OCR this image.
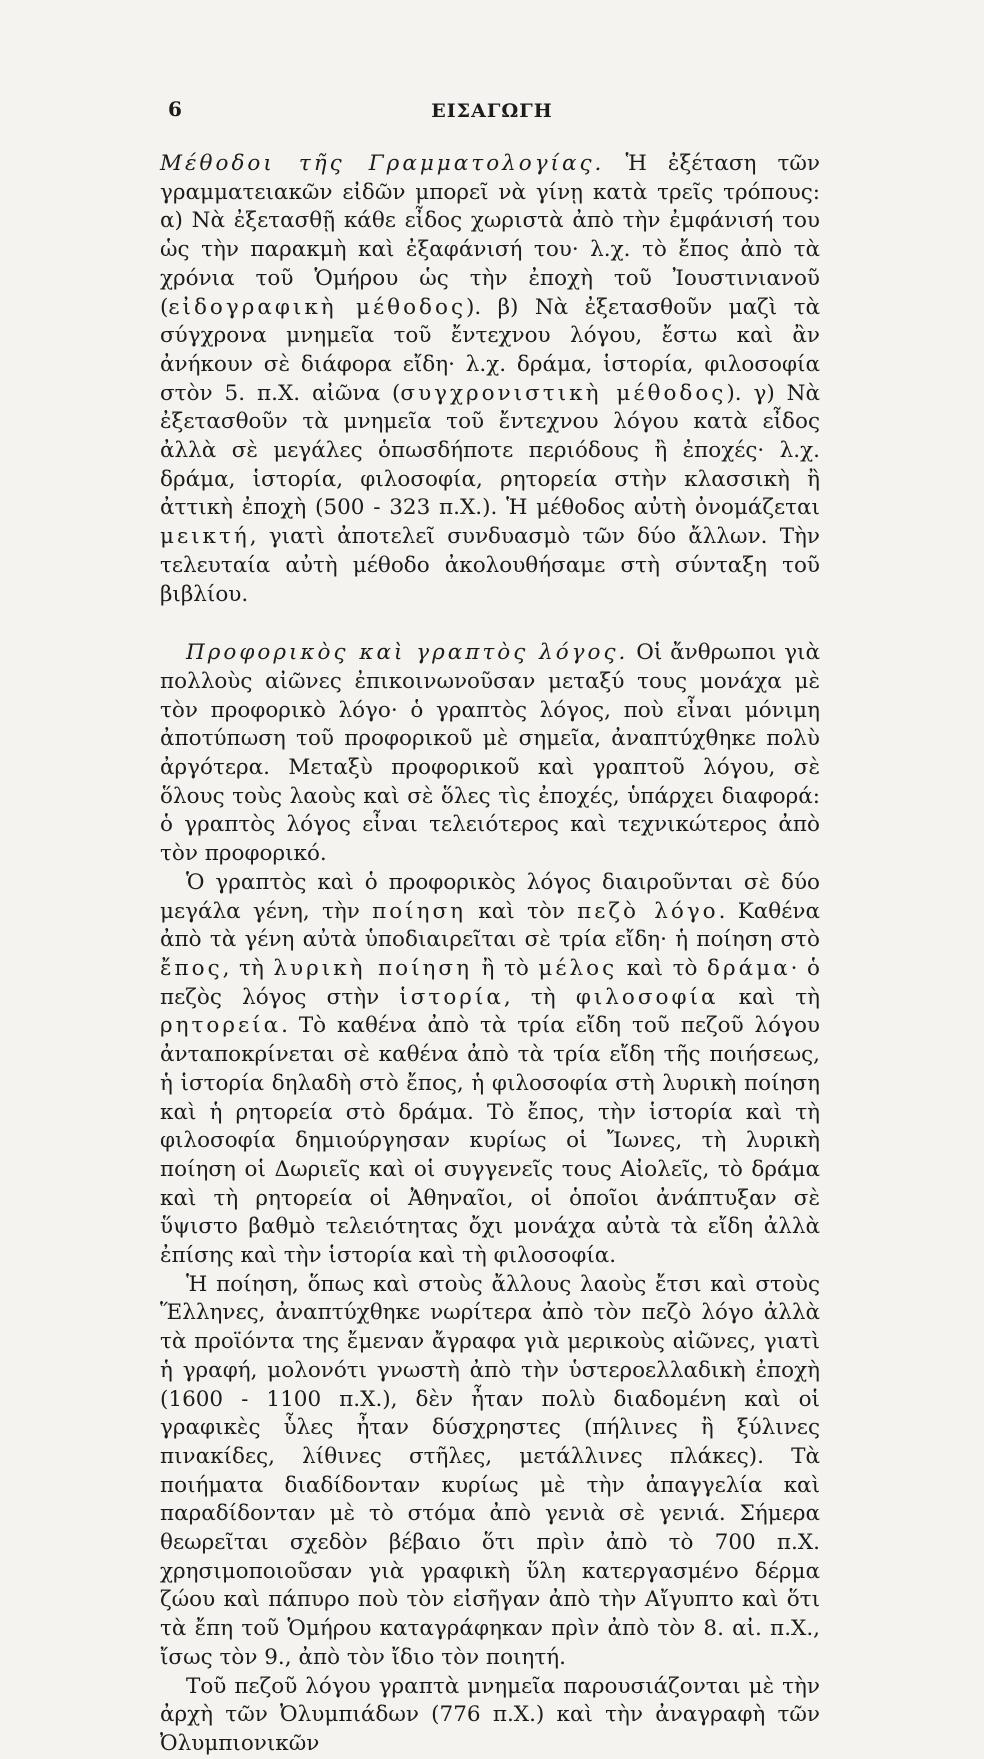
6	ΕΙΣΑΓΩΓΗ

Μέθοδοι τῆς Γραμματολογίας. Ἡ ἐξέταση τῶν γραμματειακῶν εἰδῶν μπορεῖ νὰ γίνῃ κατὰ τρεῖς τρόπους: α) Νὰ ἐξετασθῇ κάθε εἶδος χωριστὰ ἀπὸ τὴν ἐμφάνισή του ὡς τὴν παρακμὴ καὶ ἐξαφάνισή του· λ.χ. τὸ ἔπος ἀπὸ τὰ χρόνια τοῦ Ὁμήρου ὡς τὴν ἐποχὴ τοῦ Ἰουστινιανοῦ (εἰδογραφικὴ μέθοδος). β) Νὰ ἐξετασθοῦν μαζὶ τὰ σύγχρονα μνημεῖα τοῦ ἔντεχνου λόγου, ἔστω καὶ ἂν ἀνήκουν σὲ διάφορα εἴδη· λ.χ. δράμα, ἱστορία, φιλοσοφία στὸν 5. π.Χ. αἰῶνα (συγχρονιστικὴ μέθοδος). γ) Νὰ ἐξετασθοῦν τὰ μνημεῖα τοῦ ἔντεχνου λόγου κατὰ εἶδος ἀλλὰ σὲ μεγάλες ὁπωσδήποτε περιόδους ἢ ἐποχές· λ.χ. δράμα, ἱστορία, φιλοσοφία, ρητορεία στὴν κλασσικὴ ἢ ἀττικὴ ἐποχὴ (500 - 323 π.Χ.). Ἡ μέθοδος αὐτὴ ὀνομάζεται μεικτή, γιατὶ ἀποτελεῖ συνδυασμὸ τῶν δύο ἄλλων. Τὴν τελευταία αὐτὴ μέθοδο ἀκολουθήσαμε στὴ σύνταξη τοῦ βιβλίου.

Προφορικὸς καὶ γραπτὸς λόγος. Οἱ ἄνθρωποι γιὰ πολλοὺς αἰῶνες ἐπικοινωνοῦσαν μεταξύ τους μονάχα μὲ τὸν προφορικὸ λόγο· ὁ γραπτὸς λόγος, ποὺ εἶναι μόνιμη ἀποτύπωση τοῦ προφορικοῦ μὲ σημεῖα, ἀναπτύχθηκε πολὺ ἀργότερα. Μεταξὺ προφορικοῦ καὶ γραπτοῦ λόγου, σὲ ὅλους τοὺς λαοὺς καὶ σὲ ὅλες τὶς ἐποχές, ὑπάρχει διαφορά: ὁ γραπτὸς λόγος εἶναι τελειότερος καὶ τεχνικώτερος ἀπὸ τὸν προφορικό.

Ὁ γραπτὸς καὶ ὁ προφορικὸς λόγος διαιροῦνται σὲ δύο μεγάλα γένη, τὴν ποίηση καὶ τὸν πεζὸ λόγο. Καθένα ἀπὸ τὰ γένη αὐτὰ ὑποδιαιρεῖται σὲ τρία εἴδη· ἡ ποίηση στὸ ἔπος, τὴ λυρικὴ ποίηση ἢ τὸ μέλος καὶ τὸ δράμα· ὁ πεζὸς λόγος στὴν ἱστορία, τὴ φιλοσοφία καὶ τὴ ρητορεία. Τὸ καθένα ἀπὸ τὰ τρία εἴδη τοῦ πεζοῦ λόγου ἀνταποκρίνεται σὲ καθένα ἀπὸ τὰ τρία εἴδη τῆς ποιήσεως, ἡ ἱστορία δηλαδὴ στὸ ἔπος, ἡ φιλοσοφία στὴ λυρικὴ ποίηση καὶ ἡ ρητορεία στὸ δράμα. Τὸ ἔπος, τὴν ἱστορία καὶ τὴ φιλοσοφία δημιούργησαν κυρίως οἱ Ἴωνες, τὴ λυρικὴ ποίηση οἱ Δωριεῖς καὶ οἱ συγγενεῖς τους Αἰολεῖς, τὸ δράμα καὶ τὴ ρητορεία οἱ Ἀθηναῖοι, οἱ ὁποῖοι ἀνάπτυξαν σὲ ὕψιστο βαθμὸ τελειότητας ὄχι μονάχα αὐτὰ τὰ εἴδη ἀλλὰ ἐπίσης καὶ τὴν ἱστορία καὶ τὴ φιλοσοφία.

Ἡ ποίηση, ὅπως καὶ στοὺς ἄλλους λαοὺς ἔτσι καὶ στοὺς Ἕλληνες, ἀναπτύχθηκε νωρίτερα ἀπὸ τὸν πεζὸ λόγο ἀλλὰ τὰ προϊόντα της ἔμεναν ἄγραφα γιὰ μερικοὺς αἰῶνες, γιατὶ ἡ γραφή, μολονότι γνωστὴ ἀπὸ τὴν ὑστεροελλαδικὴ ἐποχὴ (1600 - 1100 π.Χ.), δὲν ἦταν πολὺ διαδομένη καὶ οἱ γραφικὲς ὗλες ἦταν δύσχρηστες (πήλινες ἢ ξύλινες πινακίδες, λίθινες στῆλες, μετάλλινες πλάκες). Τὰ ποιήματα διαδίδονταν κυρίως μὲ τὴν ἀπαγγελία καὶ παραδίδονταν μὲ τὸ στόμα ἀπὸ γενιὰ σὲ γενιά. Σήμερα θεωρεῖται σχεδὸν βέβαιο ὅτι πρὶν ἀπὸ τὸ 700 π.Χ. χρησιμοποιοῦσαν γιὰ γραφικὴ ὕλη κατεργασμένο δέρμα ζώου καὶ πάπυρο ποὺ τὸν εἰσῆγαν ἀπὸ τὴν Αἴγυπτο καὶ ὅτι τὰ ἔπη τοῦ Ὁμήρου καταγράφηκαν πρὶν ἀπὸ τὸν 8. αἰ. π.Χ., ἴσως τὸν 9., ἀπὸ τὸν ἴδιο τὸν ποιητή.

Τοῦ πεζοῦ λόγου γραπτὰ μνημεῖα παρουσιάζονται μὲ τὴν ἀρχὴ τῶν Ὀλυμπιάδων (776 π.Χ.) καὶ τὴν ἀναγραφὴ τῶν Ὀλυμπιονικῶν
